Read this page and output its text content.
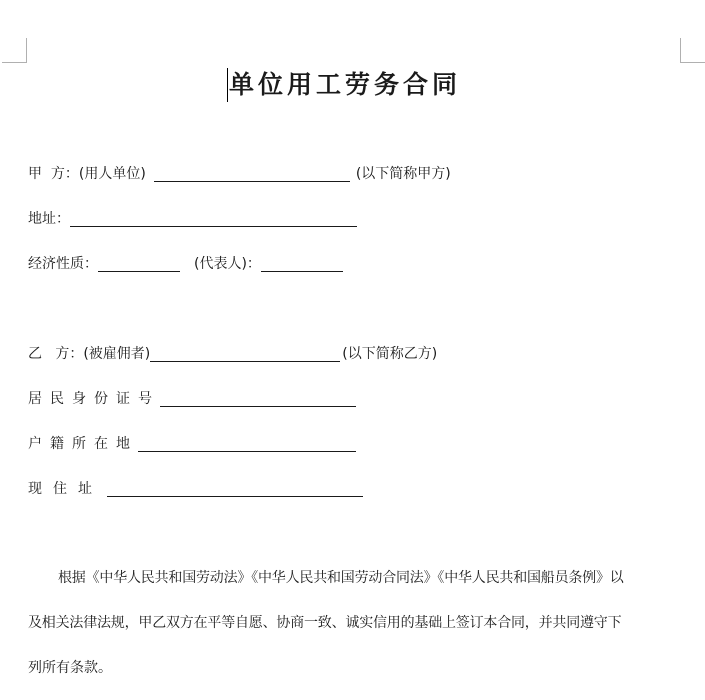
单位用工劳务合同
甲  方：(用人单位)	(以下简称甲方)
地址：
经济性质：	(代表人)：
乙   方：(被雇佣者)	(以下简称乙方)
居民身份证号
户籍所在地
现住址

根据《中华人民共和国劳动法》《中华人民共和国劳动合同法》《中华人民共和国船员条例》以

及相关法律法规，甲乙双方在平等自愿、协商一致、诚实信用的基础上签订本合同，并共同遵守下

列所有条款。
